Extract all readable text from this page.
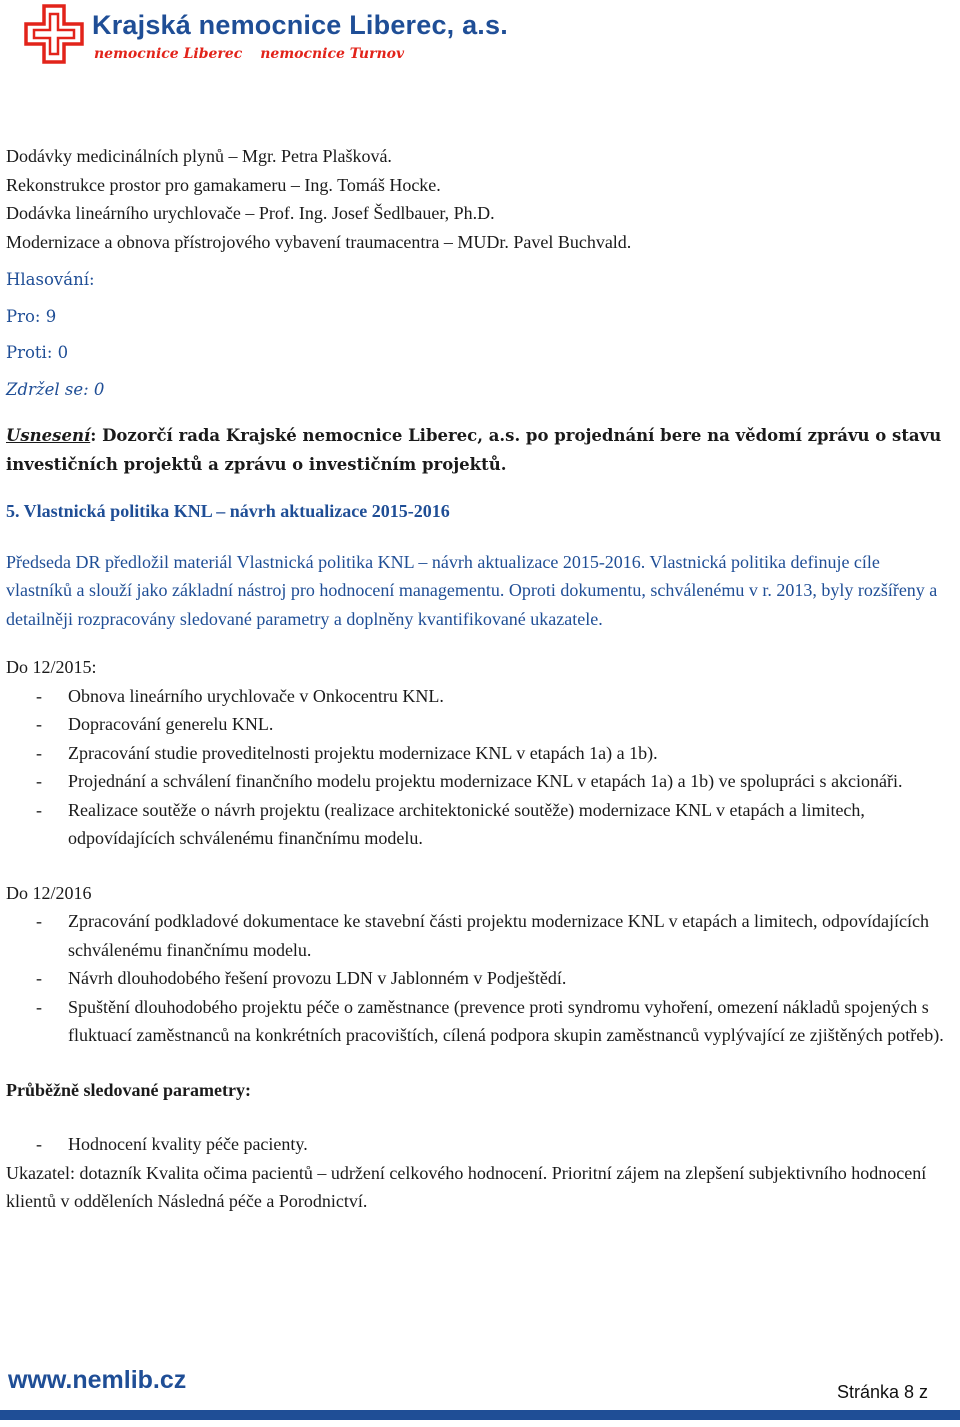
Krajská nemocnice Liberec, a.s.
nemocnice Liberec nemocnice Turnov

Dodávky medicinálních plynů – Mgr. Petra Plašková.

Rekonstrukce prostor pro gamakameru – Ing. Tomáš Hocke.

Dodávka lineárního urychlovače – Prof. Ing. Josef Šedlbauer, Ph.D.

Modernizace a obnova přístrojového vybavení traumacentra – MUDr. Pavel Buchvald.

Hlasování:

Pro: 9

Proti: 0

Zdržel se: 0

Usnesení: Dozorčí rada Krajské nemocnice Liberec, a.s. po projednání bere na vědomí zprávu o stavu investičních projektů a zprávu o investičním projektů.

5. Vlastnická politika KNL – návrh aktualizace 2015-2016

Předseda DR předložil materiál Vlastnická politika KNL – návrh aktualizace 2015-2016. Vlastnická politika definuje cíle vlastníků a slouží jako základní nástroj pro hodnocení managementu. Oproti dokumentu, schválenému v r. 2013, byly rozšířeny a detailněji rozpracovány sledované parametry a doplněny kvantifikované ukazatele.

Do 12/2015:

- Obnova lineárního urychlovače v Onkocentru KNL.
- Dopracování generelu KNL.
- Zpracování studie proveditelnosti projektu modernizace KNL v etapách 1a) a 1b).
- Projednání a schválení finančního modelu projektu modernizace KNL v etapách 1a) a 1b) ve spolupráci s akcionáři.
- Realizace soutěže o návrh projektu (realizace architektonické soutěže) modernizace KNL v etapách a limitech, odpovídajících schválenému finančnímu modelu.

Do 12/2016

- Zpracování podkladové dokumentace ke stavební části projektu modernizace KNL v etapách a limitech, odpovídajících schválenému finančnímu modelu.
- Návrh dlouhodobého řešení provozu LDN v Jablonném v Podještědí.
- Spuštění dlouhodobého projektu péče o zaměstnance (prevence proti syndromu vyhoření, omezení nákladů spojených s fluktuací zaměstnanců na konkrétních pracovištích, cílená podpora skupin zaměstnanců vyplývající ze zjištěných potřeb).

Průběžně sledované parametry:

- Hodnocení kvality péče pacienty.

Ukazatel: dotazník Kvalita očima pacientů – udržení celkového hodnocení. Prioritní zájem na zlepšení subjektivního hodnocení klientů v odděleních Následná péče a Porodnictví.

www.nemlib.cz	Stránka 8 z
